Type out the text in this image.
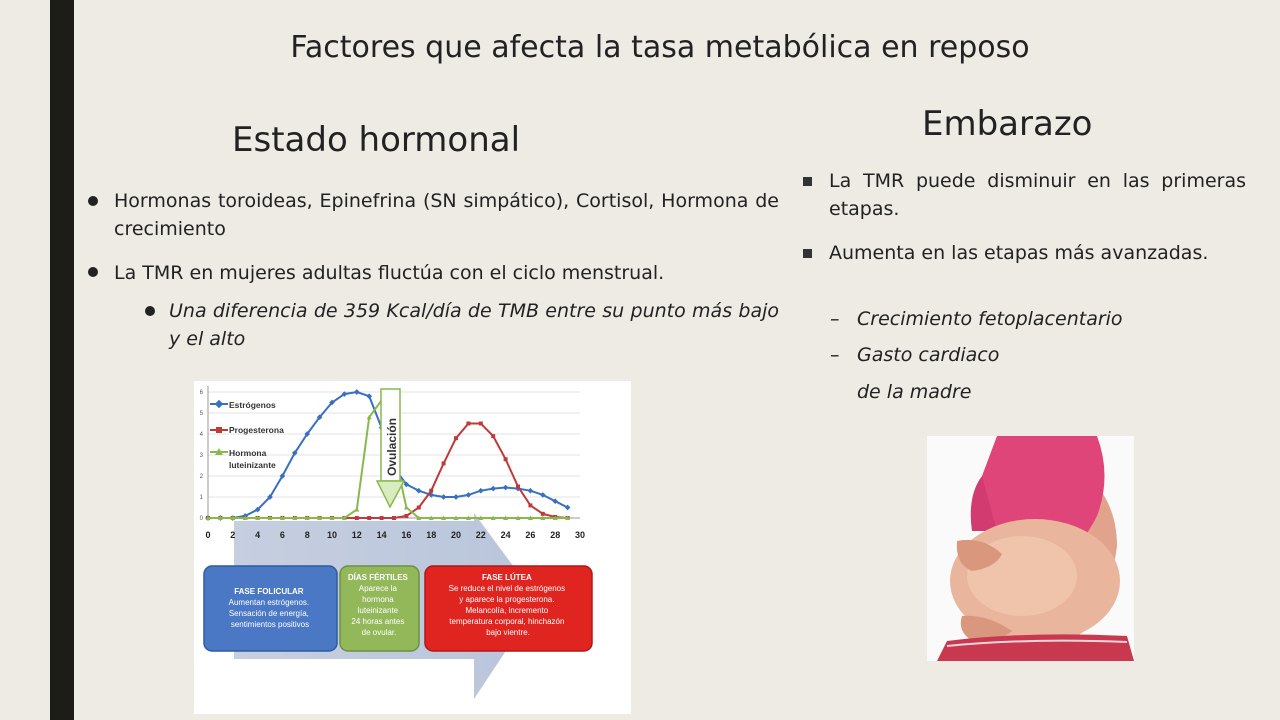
Factores que afecta la tasa metabólica en reposo
Estado hormonal
Hormonas toroideas, Epinefrina (SN simpático), Cortisol, Hormona de crecimiento
La TMR en mujeres adultas fluctúa con el ciclo menstrual.
Una diferencia de 359 Kcal/día de TMB entre su punto más bajo y el alto
6
5
4
3
2
1
0
0 2 4 6 8 10 12 14 16 18 20 22 24 26 28 30
Estrógenos
Progesterona
Hormona
luteinizante	Ovulación
FASE FOLICULAR Aumentan estrógenos. Sensación de energía, sentimientos positivos
DÍAS FÉRTILES Aparece la hormona luteinizante 24 horas antes de ovular.
FASE LÚTEA Se reduce el nivel de estrógenos y aparece la progesterona. Melancolía, incremento temperatura corporal, hinchazón bajo vientre.
Embarazo
La TMR puede disminuir en las primeras etapas.
Aumenta en las etapas más avanzadas.
– Crecimiento fetoplacentario
– Gasto cardiaco
de la madre
